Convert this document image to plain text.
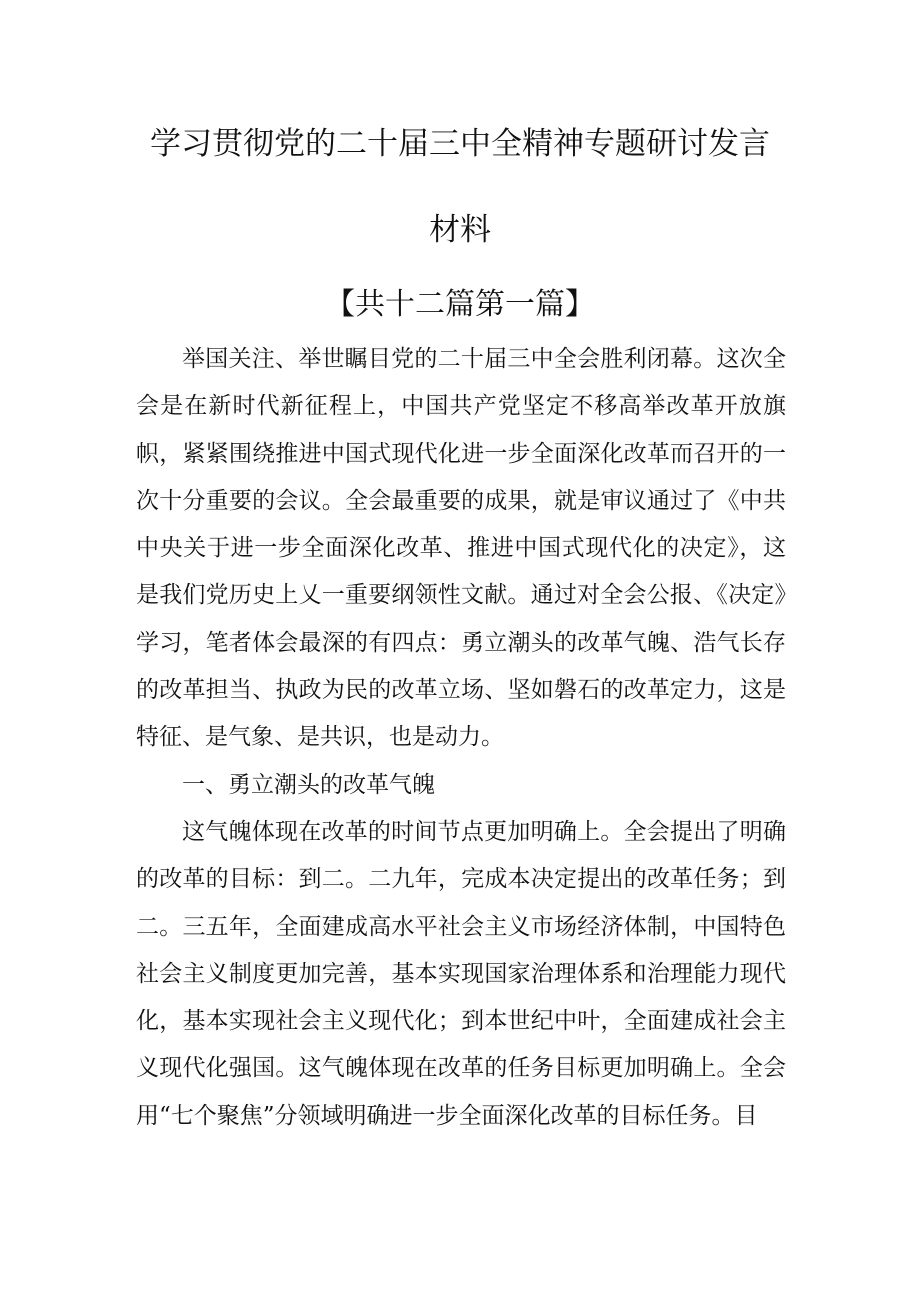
学习贯彻党的二十届三中全精神专题研讨发言
材料
【共十二篇第一篇】

举国关注、举世瞩目党的二十届三中全会胜利闭幕。这次全会是在新时代新征程上，中国共产党坚定不移高举改革开放旗帜，紧紧围绕推进中国式现代化进一步全面深化改革而召开的一次十分重要的会议。全会最重要的成果，就是审议通过了《中共中央关于进一步全面深化改革、推进中国式现代化的决定》，这是我们党历史上乂一重要纲领性文献。通过对全会公报、《决定》学习，笔者体会最深的有四点：勇立潮头的改革气魄、浩气长存的改革担当、执政为民的改革立场、坚如磐石的改革定力，这是特征、是气象、是共识，也是动力。

一、勇立潮头的改革气魄

这气魄体现在改革的时间节点更加明确上。全会提出了明确的改革的目标：到二。二九年，完成本决定提出的改革任务；到二。三五年，全面建成高水平社会主义市场经济体制，中国特色社会主义制度更加完善，基本实现国家治理体系和治理能力现代化，基本实现社会主义现代化；到本世纪中叶，全面建成社会主义现代化强国。这气魄体现在改革的任务目标更加明确上。全会用“七个聚焦”分领域明确进一步全面深化改革的目标任务。目
